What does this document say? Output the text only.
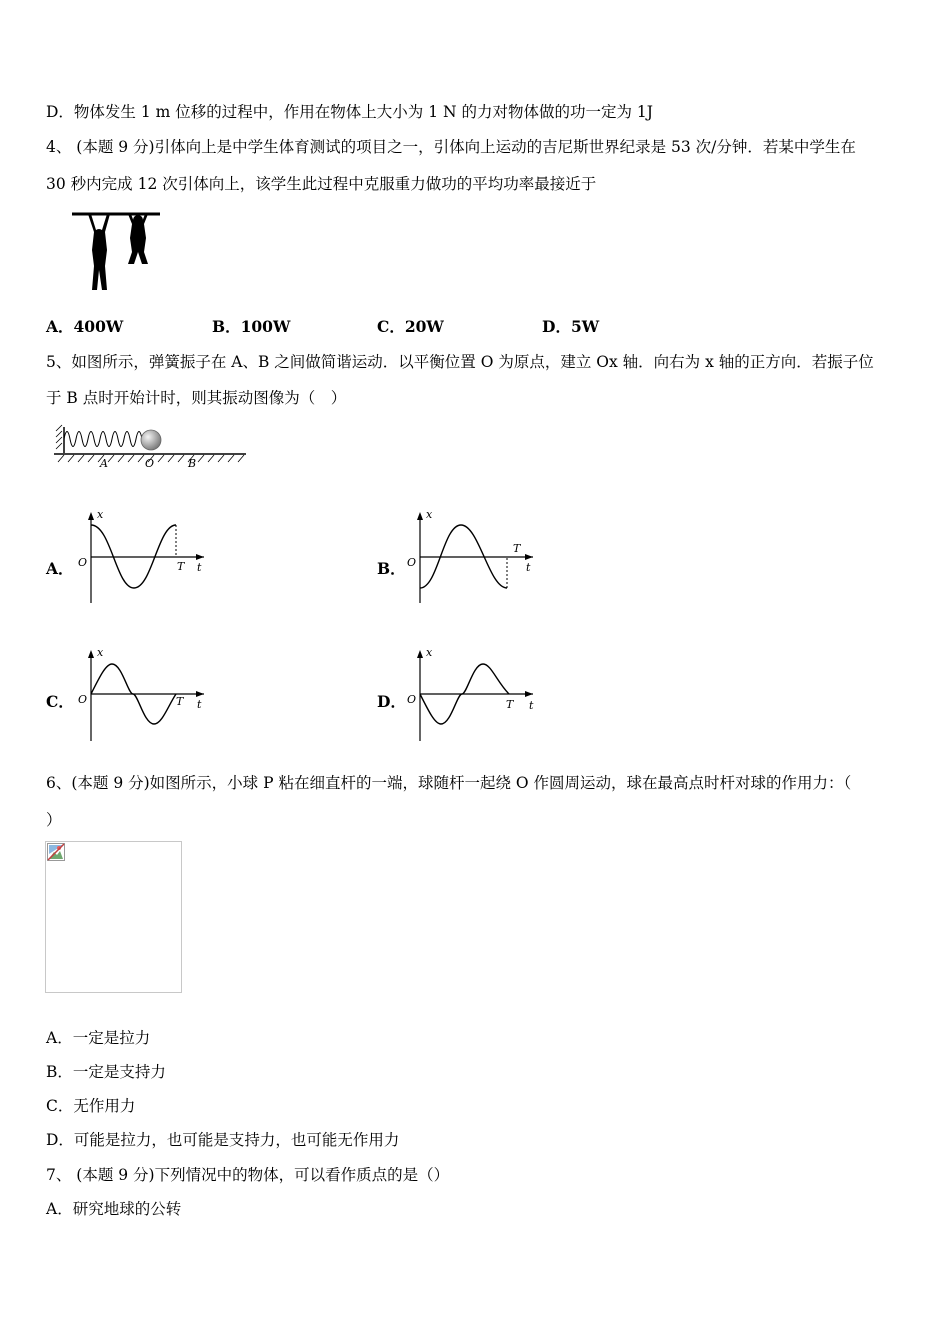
D．物体发生 1 m 位移的过程中，作用在物体上大小为 1 N 的力对物体做的功一定为 1J
4、 (本题 9 分)引体向上是中学生体育测试的项目之一，引体向上运动的吉尼斯世界纪录是 53 次/分钟．若某中学生在
30 秒内完成 12 次引体向上，该学生此过程中克服重力做功的平均功率最接近于
A．400W	B．100W	C．20W	D．5W
5、如图所示，弹簧振子在 A、B 之间做简谐运动．以平衡位置 O 为原点，建立 Ox 轴．向右为 x 轴的正方向．若振子位
于 B 点时开始计时，则其振动图像为（　）
A	O	B
A．
x
O	T t	B．
x
O
T
t
C．
x
O	T t	D．
x
O	T t
6、(本题 9 分)如图所示，小球 P 粘在细直杆的一端，球随杆一起绕 O 作圆周运动，球在最高点时杆对球的作用力：（
）
A．一定是拉力
B．一定是支持力
C．无作用力
D．可能是拉力，也可能是支持力，也可能无作用力
7、 (本题 9 分)下列情况中的物体，可以看作质点的是（）
A．研究地球的公转
